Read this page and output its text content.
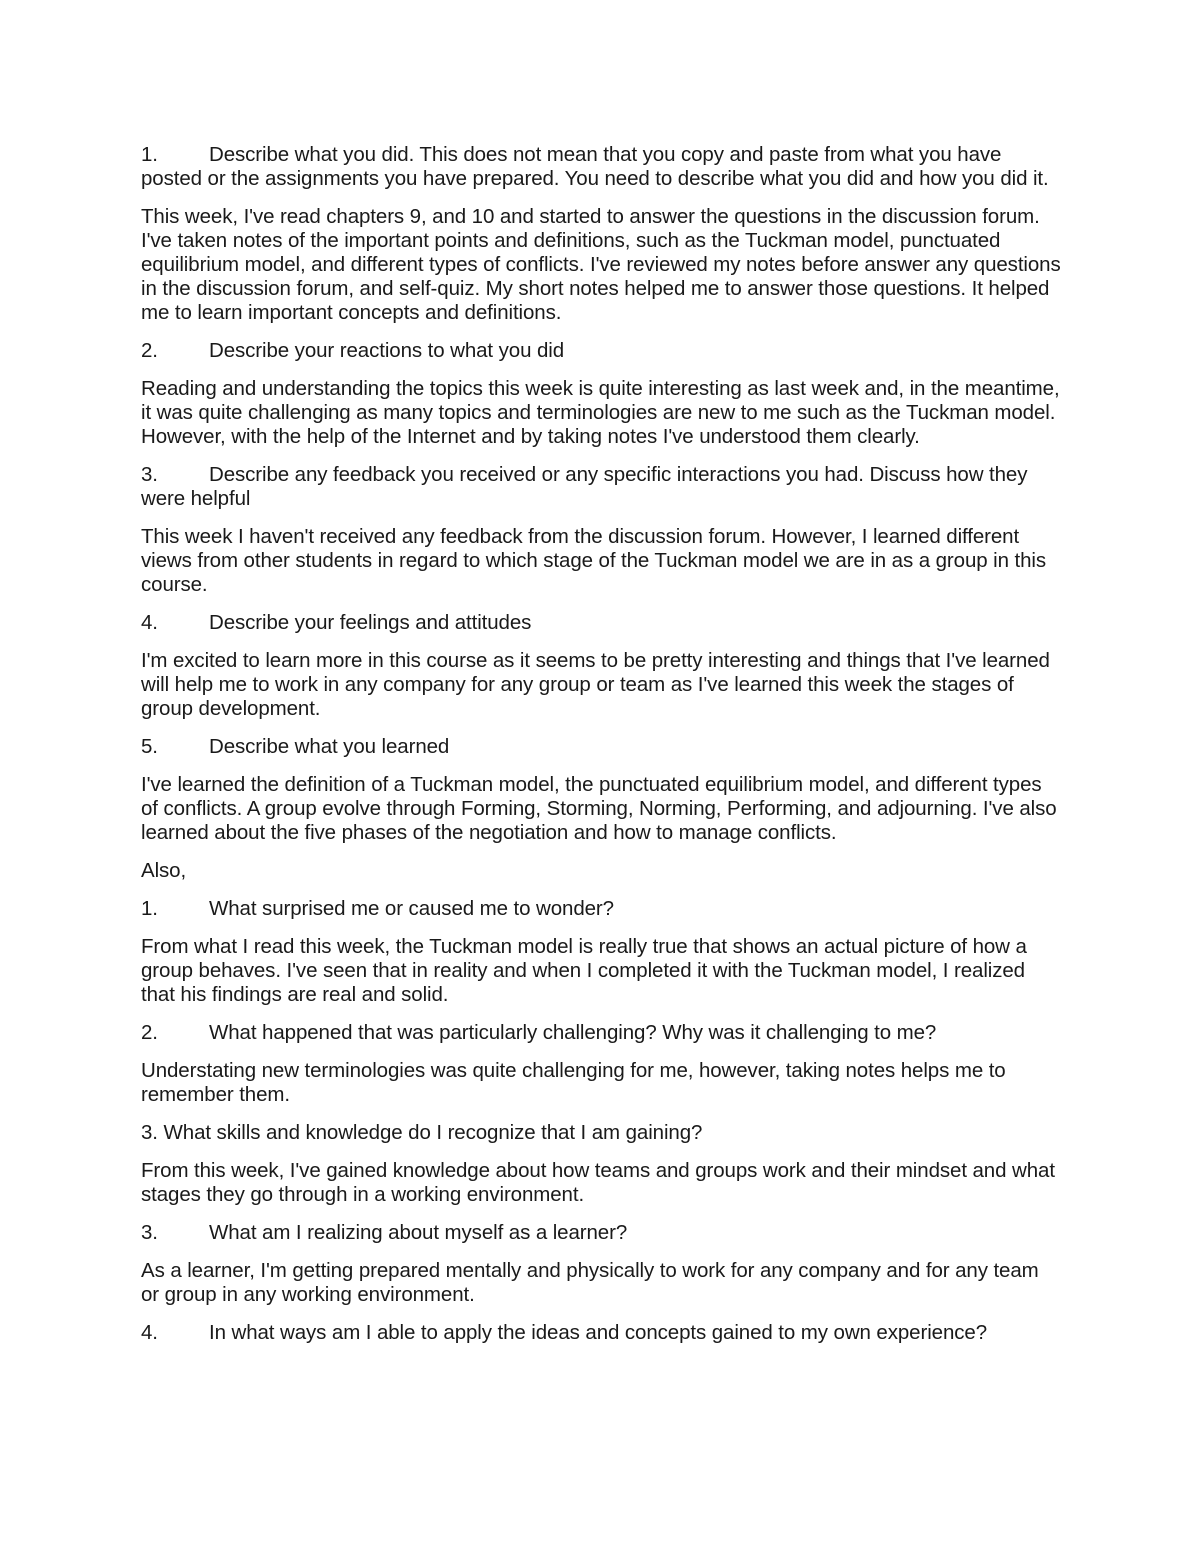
1. Describe what you did. This does not mean that you copy and paste from what you have posted or the assignments you have prepared. You need to describe what you did and how you did it.

This week, I've read chapters 9, and 10 and started to answer the questions in the discussion forum. I've taken notes of the important points and definitions, such as the Tuckman model, punctuated equilibrium model, and different types of conflicts. I've reviewed my notes before answer any questions in the discussion forum, and self-quiz. My short notes helped me to answer those questions. It helped me to learn important concepts and definitions.

2. Describe your reactions to what you did

Reading and understanding the topics this week is quite interesting as last week and, in the meantime, it was quite challenging as many topics and terminologies are new to me such as the Tuckman model. However, with the help of the Internet and by taking notes I've understood them clearly.

3. Describe any feedback you received or any specific interactions you had. Discuss how they were helpful

This week I haven't received any feedback from the discussion forum. However, I learned different views from other students in regard to which stage of the Tuckman model we are in as a group in this course.

4. Describe your feelings and attitudes

I'm excited to learn more in this course as it seems to be pretty interesting and things that I've learned will help me to work in any company for any group or team as I've learned this week the stages of group development.

5. Describe what you learned

I've learned the definition of a Tuckman model, the punctuated equilibrium model, and different types of conflicts. A group evolve through Forming, Storming, Norming, Performing, and adjourning. I've also learned about the five phases of the negotiation and how to manage conflicts.

Also,

1. What surprised me or caused me to wonder?

From what I read this week, the Tuckman model is really true that shows an actual picture of how a group behaves. I've seen that in reality and when I completed it with the Tuckman model, I realized that his findings are real and solid.

2. What happened that was particularly challenging? Why was it challenging to me?

Understating new terminologies was quite challenging for me, however, taking notes helps me to remember them.

3. What skills and knowledge do I recognize that I am gaining?

From this week, I've gained knowledge about how teams and groups work and their mindset and what stages they go through in a working environment.

3. What am I realizing about myself as a learner?

As a learner, I'm getting prepared mentally and physically to work for any company and for any team or group in any working environment.

4. In what ways am I able to apply the ideas and concepts gained to my own experience?
